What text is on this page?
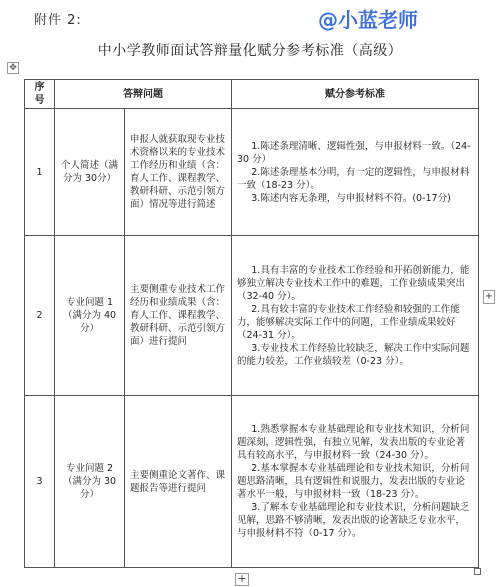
附件 2:	@小蓝老师
中小学教师面试答辩量化赋分参考标准（高级）
✥
序号	答辩问题		赋分参考标准
1	个人简述（满分为 30分）	申报人就获取现专业技术资格以来的专业技术工作经历和业绩（含：育人工作、课程教学、教研科研、示范引领方面）情况等进行简述	1.陈述条理清晰、逻辑性强，与申报材料一致。（24-30 分）

2.陈述条理基本分明，有一定的逻辑性，与申报材料一致（18-23 分）。

3.陈述内容无条理，与申报材料不符。(0-17分)

2	专业问题 1（满分为 40分）	主要侧重专业技术工作经历和业绩成果（含：育人工作、课程教学、教研科研、示范引领方面）进行提问	1.具有丰富的专业技术工作经验和开拓创新能力，能够独立解决专业技术工作中的难题，工作业绩成果突出（32-40 分）。

2.具有较丰富的专业技术工作经验和较强的工作能力，能够解决实际工作中的问题，工作业绩成果较好（24-31 分）。

3.专业技术工作经验比较缺乏，解决工作中实际问题的能力较差，工作业绩较差（0-23 分）。

3	专业问题 2（满分为 30分）	主要侧重论文著作、课题报告等进行提问	1.熟悉掌握本专业基础理论和专业技术知识，分析问题深刻，逻辑性强，有独立见解，发表出版的专业论著具有较高水平，与申报材料一致（24-30 分）。

2.基本掌握本专业基础理论和专业技术知识，分析问题思路清晰，具有逻辑性和说服力，发表出版的专业论著水平一般，与申报材料一致（18-23 分）。

3.了解本专业基础理论和专业技术识，分析问题缺乏见解，思路不够清晰，发表出版的论著缺乏专业水平，与申报材料不符（0-17 分）。

+
+
